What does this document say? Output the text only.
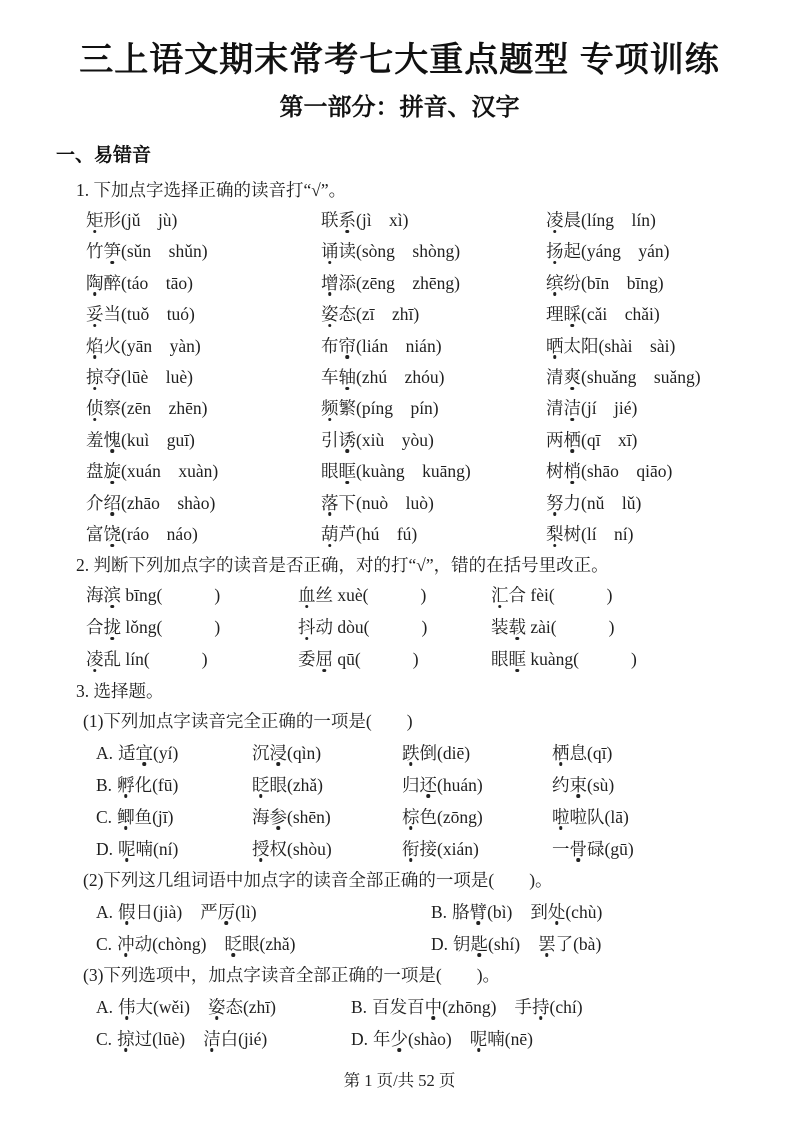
三上语文期末常考七大重点题型 专项训练
第一部分：拼音、汉字
一、易错音
1. 下加点字选择正确的读音打“√”。
矩形(jǔ　jù)	联系(jì　xì)	凌晨(líng　lín)
竹笋(sǔn　shǔn)	诵读(sòng　shòng)	扬起(yáng　yán)
陶醉(táo　tāo)	增添(zēng　zhēng)	缤纷(bīn　bīng)
妥当(tuǒ　tuó)	姿态(zī　zhī)	理睬(cǎi　chǎi)
焰火(yān　yàn)	布帘(lián　nián)	晒太阳(shài　sài)
掠夺(lūè　luè)	车轴(zhú　zhóu)	清爽(shuǎng　suǎng)
侦察(zēn　zhēn)	频繁(píng　pín)	清洁(jí　jié)
羞愧(kuì　guī)	引诱(xiù　yòu)	两栖(qī　xī)
盘旋(xuán　xuàn)	眼眶(kuàng　kuāng)	树梢(shāo　qiāo)
介绍(zhāo　shào)	落下(nuò　luò)	努力(nǔ　lǔ)
富饶(ráo　náo)	葫芦(hú　fú)	梨树(lí　ní)
2. 判断下列加点字的读音是否正确，对的打“√”，错的在括号里改正。
海滨 bīng(	)	血丝 xuè(	)	汇合 fèi(	)
合拢 lǒng(	)	抖动 dòu(	)	装载 zài(	)
凌乱 lín(	)	委屈 qū(	)	眼眶 kuàng(	)
3. 选择题。
(1)下列加点字读音完全正确的一项是(　　)
A. 适宜(yí)	沉浸(qìn)	跌倒(diē)	栖息(qī)
B. 孵化(fū)	眨眼(zhǎ)	归还(huán)	约束(sù)
C. 鲫鱼(jī)	海参(shēn)	棕色(zōng)	啦啦队(lā)
D. 呢喃(ní)	授权(shòu)	衔接(xián)	一骨碌(gū)
(2)下列这几组词语中加点字的读音全部正确的一项是(　　)。
A. 假日(jià) 严厉(lì)	B. 胳臂(bì) 到处(chù)
C. 冲动(chòng) 眨眼(zhǎ)	D. 钥匙(shí) 罢了(bà)
(3)下列选项中，加点字读音全部正确的一项是(　　)。
A. 伟大(wěi) 姿态(zhī)	B. 百发百中(zhōng) 手持(chí)
C. 掠过(lūè) 洁白(jié)	D. 年少(shào) 呢喃(nē)
第 1 页/共 52 页
